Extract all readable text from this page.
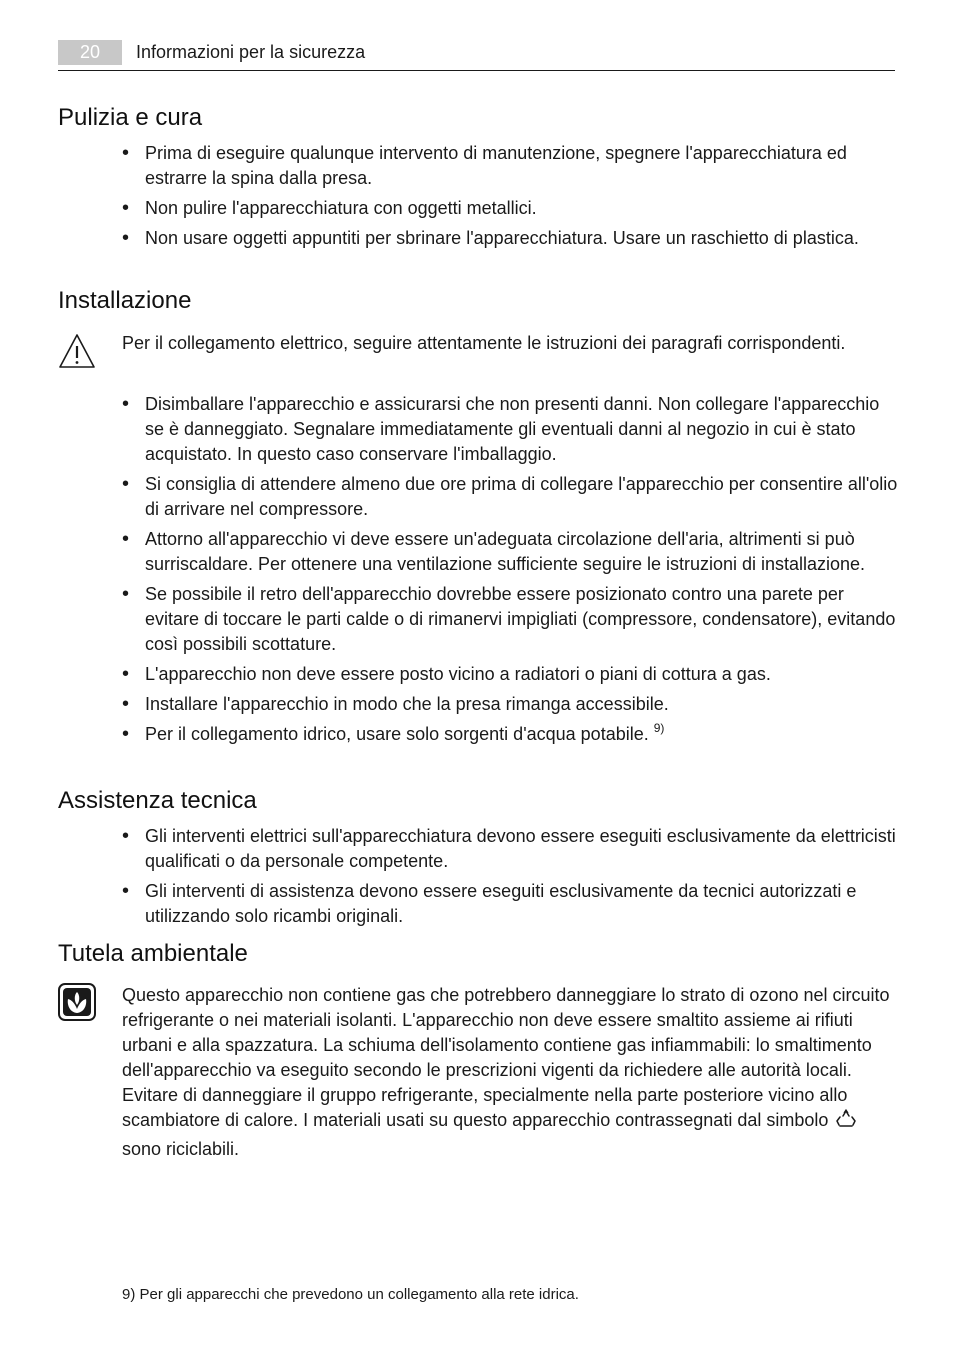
20	Informazioni per la sicurezza
Pulizia e cura
• Prima di eseguire qualunque intervento di manutenzione, spegnere l'apparecchiatura ed estrarre la spina dalla presa.
• Non pulire l'apparecchiatura con oggetti metallici.
• Non usare oggetti appuntiti per sbrinare l'apparecchiatura. Usare un raschietto di plastica.
Installazione

Per il collegamento elettrico, seguire attentamente le istruzioni dei paragrafi corrispondenti.

• Disimballare l'apparecchio e assicurarsi che non presenti danni. Non collegare l'apparecchio se è danneggiato. Segnalare immediatamente gli eventuali danni al negozio in cui è stato acquistato. In questo caso conservare l'imballaggio.
• Si consiglia di attendere almeno due ore prima di collegare l'apparecchio per consentire all'olio di arrivare nel compressore.
• Attorno all'apparecchio vi deve essere un'adeguata circolazione dell'aria, altrimenti si può surriscaldare. Per ottenere una ventilazione sufficiente seguire le istruzioni di installazione.
• Se possibile il retro dell'apparecchio dovrebbe essere posizionato contro una parete per evitare di toccare le parti calde o di rimanervi impigliati (compressore, condensatore), evitando così possibili scottature.
• L'apparecchio non deve essere posto vicino a radiatori o piani di cottura a gas.
• Installare l'apparecchio in modo che la presa rimanga accessibile.
• Per il collegamento idrico, usare solo sorgenti d'acqua potabile. $^{9)}$
Assistenza tecnica
• Gli interventi elettrici sull'apparecchiatura devono essere eseguiti esclusivamente da elettricisti qualificati o da personale competente.
• Gli interventi di assistenza devono essere eseguiti esclusivamente da tecnici autorizzati e utilizzando solo ricambi originali.
Tutela ambientale

Questo apparecchio non contiene gas che potrebbero danneggiare lo strato di ozono nel circuito refrigerante o nei materiali isolanti. L'apparecchio non deve essere smaltito assieme ai rifiuti urbani e alla spazzatura. La schiuma dell'isolamento contiene gas infiammabili: lo smaltimento dell'apparecchio va eseguito secondo le prescrizioni vigenti da richiedere alle autorità locali. Evitare di danneggiare il gruppo refrigerante, specialmente nella parte posteriore vicino allo scambiatore di calore. I materiali usati su questo apparecchio contrassegnati dal simbolo  sono riciclabili.

9) Per gli apparecchi che prevedono un collegamento alla rete idrica.
